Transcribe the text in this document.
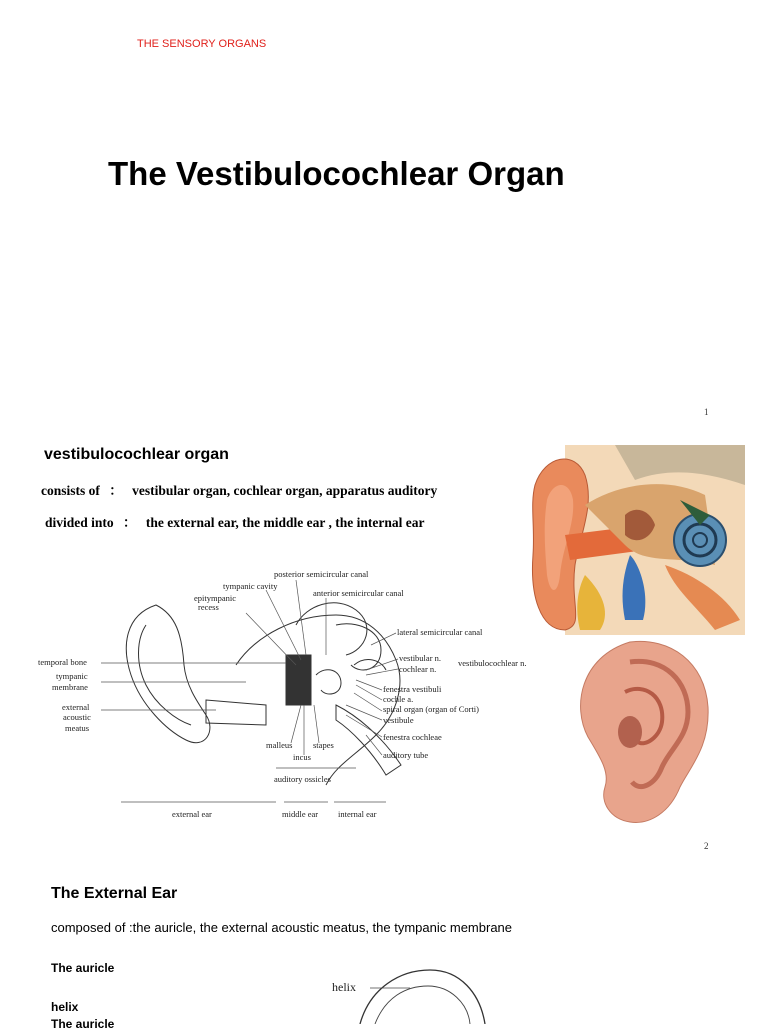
THE SENSORY ORGANS
The Vestibulocochlear Organ
1
vestibulocochlear organ
consists of ： vestibular organ, cochlear organ, apparatus auditory
divided into ： the external ear, the middle ear , the internal ear
posterior semicircular canal
tympanic cavity
epitympanic
recess
anterior semicircular canal
lateral semicircular canal
temporal bone
tympanic
membrane
external
acoustic
meatus
vestibular n.
cochlear n.
vestibulocochlear n.
fenestra vestibuli
cochle a.
spiral organ (organ of Corti)
vestibule
fenestra cochleae
auditory tube
malleus stapes
incus
auditory ossicles
external ear	middle ear internal ear
2
The External Ear
composed of :the auricle, the external acoustic meatus, the tympanic membrane
The auricle
helix
The auricle
helix
